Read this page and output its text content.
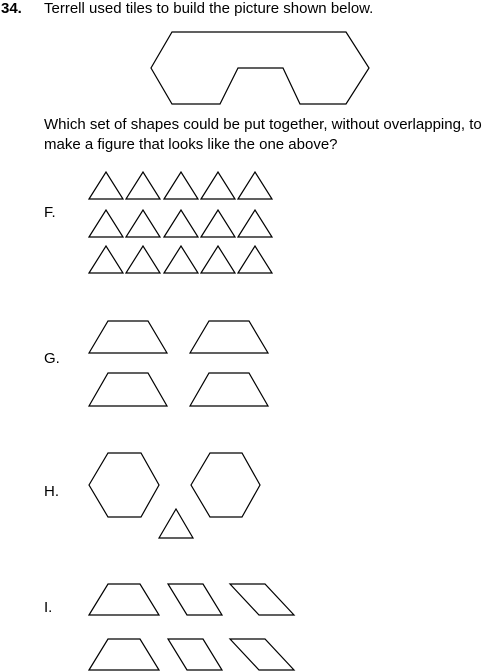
34. Terrell used tiles to build the picture shown below.
Which set of shapes could be put together, without overlapping, to
make a figure that looks like the one above?
F.
G.
H.
I.
